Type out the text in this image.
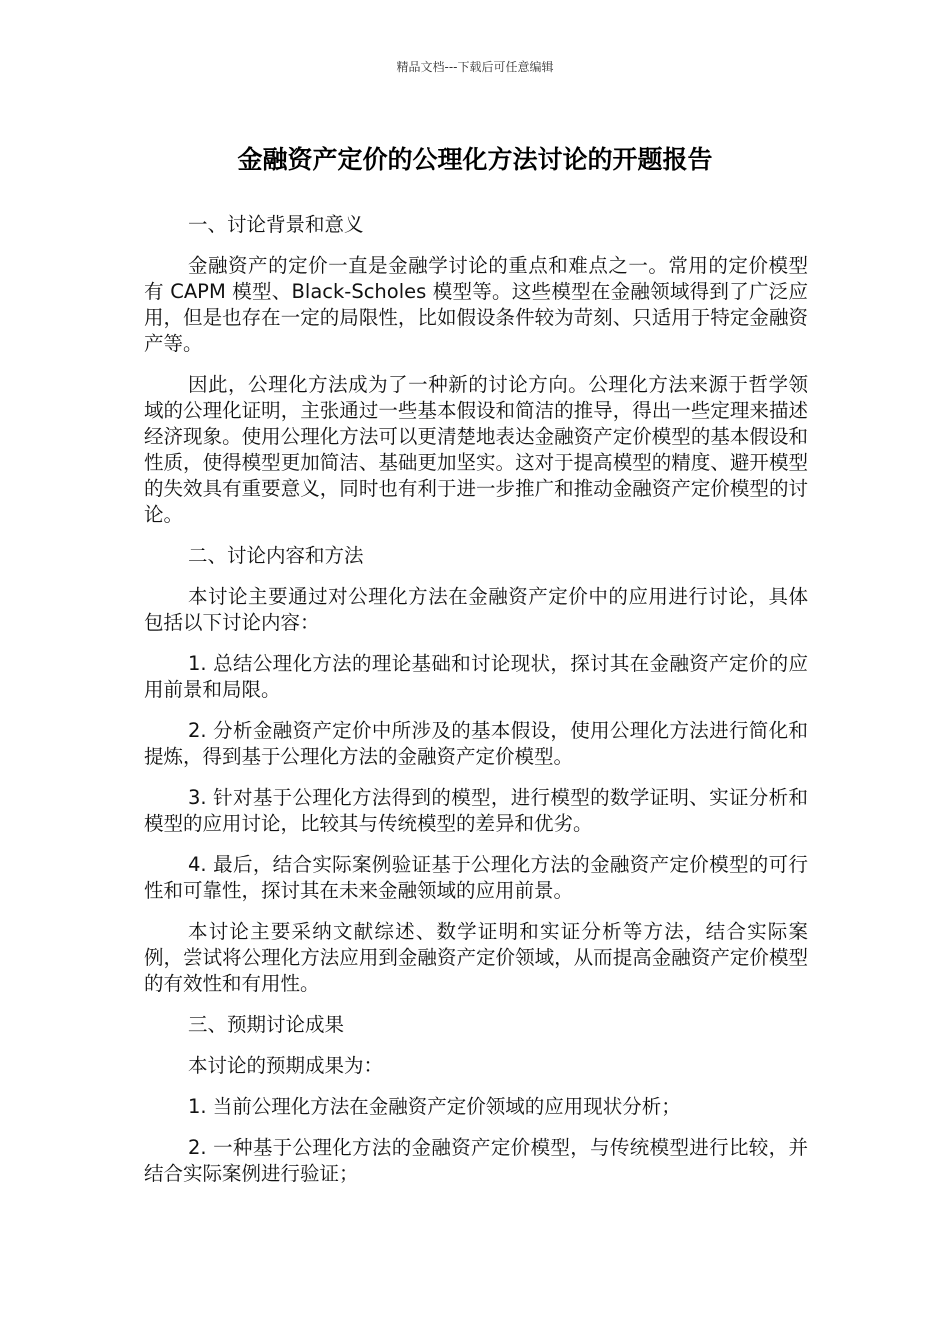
精品文档---下载后可任意编辑
金融资产定价的公理化方法讨论的开题报告

一、讨论背景和意义

金融资产的定价一直是金融学讨论的重点和难点之一。常用的定价模型有 CAPM 模型、Black-Scholes 模型等。这些模型在金融领域得到了广泛应用，但是也存在一定的局限性，比如假设条件较为苛刻、只适用于特定金融资产等。

因此，公理化方法成为了一种新的讨论方向。公理化方法来源于哲学领域的公理化证明，主张通过一些基本假设和简洁的推导，得出一些定理来描述经济现象。使用公理化方法可以更清楚地表达金融资产定价模型的基本假设和性质，使得模型更加简洁、基础更加坚实。这对于提高模型的精度、避开模型的失效具有重要意义，同时也有利于进一步推广和推动金融资产定价模型的讨论。

二、讨论内容和方法

本讨论主要通过对公理化方法在金融资产定价中的应用进行讨论，具体包括以下讨论内容：

1. 总结公理化方法的理论基础和讨论现状，探讨其在金融资产定价的应用前景和局限。

2. 分析金融资产定价中所涉及的基本假设，使用公理化方法进行简化和提炼，得到基于公理化方法的金融资产定价模型。

3. 针对基于公理化方法得到的模型，进行模型的数学证明、实证分析和模型的应用讨论，比较其与传统模型的差异和优劣。

4. 最后，结合实际案例验证基于公理化方法的金融资产定价模型的可行性和可靠性，探讨其在未来金融领域的应用前景。

本讨论主要采纳文献综述、数学证明和实证分析等方法，结合实际案例，尝试将公理化方法应用到金融资产定价领域，从而提高金融资产定价模型的有效性和有用性。

三、预期讨论成果

本讨论的预期成果为：

1. 当前公理化方法在金融资产定价领域的应用现状分析；

2. 一种基于公理化方法的金融资产定价模型，与传统模型进行比较，并结合实际案例进行验证；
